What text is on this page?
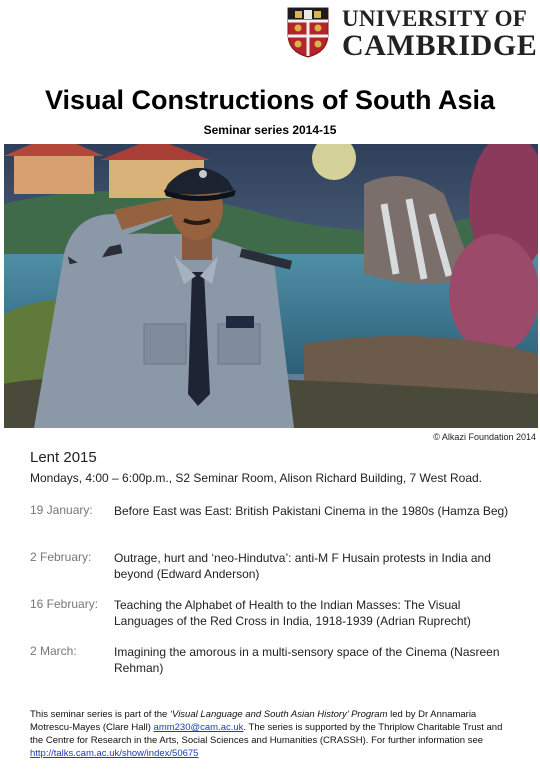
UNIVERSITY OF
CAMBRIDGE
Visual Constructions of South Asia
Seminar series 2014-15
© Alkazi Foundation 2014
Lent 2015
Mondays, 4:00 – 6:00p.m., S2 Seminar Room, Alison Richard Building, 7 West Road.
19 January: Before East was East: British Pakistani Cinema in the 1980s (Hamza Beg)
2 February: Outrage, hurt and ‘neo-Hindutva’: anti-M F Husain protests in India and beyond (Edward Anderson)
16 February: Teaching the Alphabet of Health to the Indian Masses: The Visual Languages of the Red Cross in India, 1918-1939 (Adrian Ruprecht)
2 March:	Imagining the amorous in a multi-sensory space of the Cinema (Nasreen Rehman)
This seminar series is part of the ‘Visual Language and South Asian History’ Program led by Dr Annamaria Motrescu-Mayes (Clare Hall) amm230@cam.ac.uk. The series is supported by the Thriplow Charitable Trust and the Centre for Research in the Arts, Social Sciences and Humanities (CRASSH). For further information see http://talks.cam.ac.uk/show/index/50675
